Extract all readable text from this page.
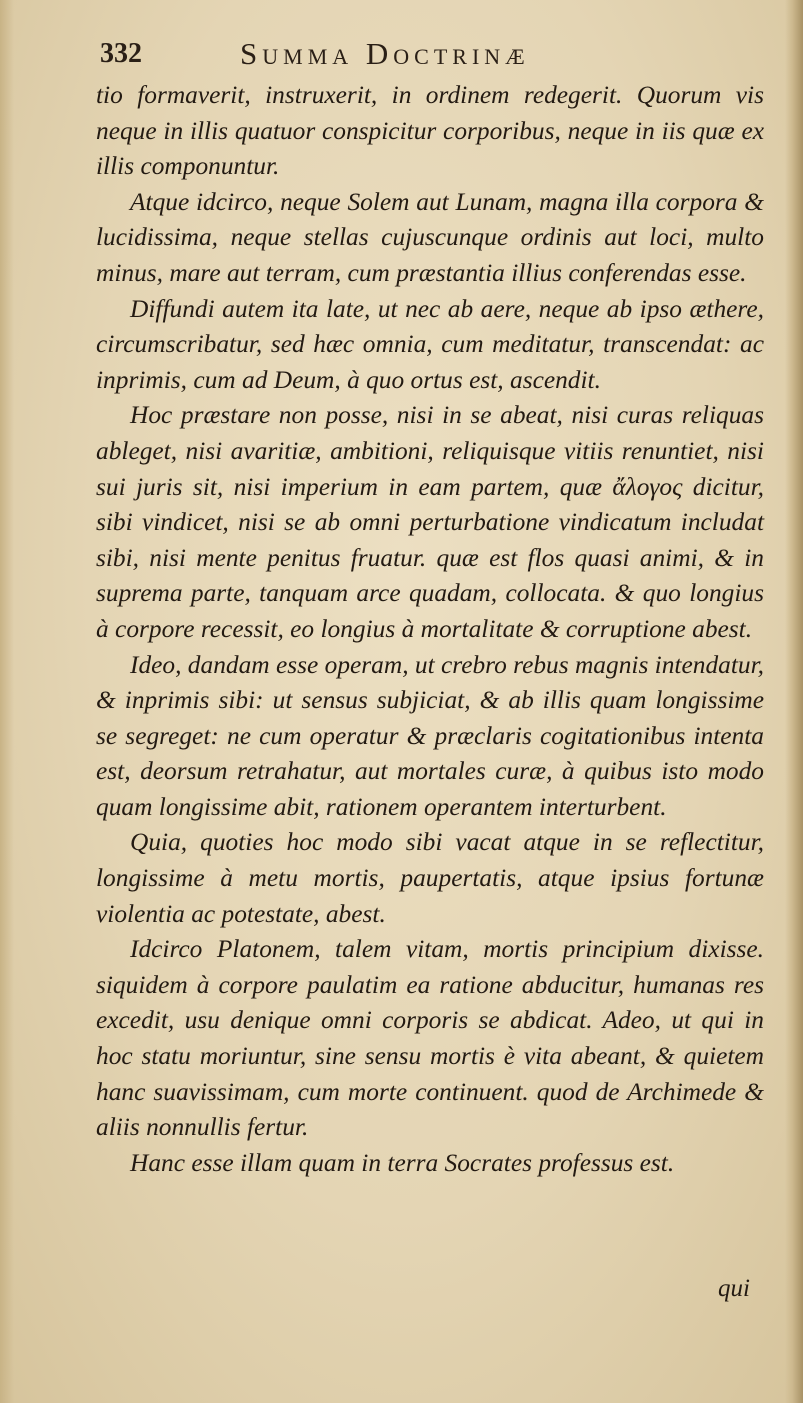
332	Summa Doctrinæ

tio formaverit, instruxerit, in ordinem redegerit. Quorum vis neque in illis quatuor conspicitur corporibus, neque in iis quæ ex illis componuntur.

Atque idcirco, neque Solem aut Lunam, magna illa corpora & lucidissima, neque stellas cujuscunque ordinis aut loci, multo minus, mare aut terram, cum præstantia illius conferendas esse.

Diffundi autem ita late, ut nec ab aere, neque ab ipso æthere, circumscribatur, sed hæc omnia, cum meditatur, transcendat: ac inprimis, cum ad Deum, à quo ortus est, ascendit.

Hoc præstare non posse, nisi in se abeat, nisi curas reliquas ableget, nisi avaritiæ, ambitioni, reliquisque vitiis renuntiet, nisi sui juris sit, nisi imperium in eam partem, quæ ἄλογος dicitur, sibi vindicet, nisi se ab omni perturbatione vindicatum includat sibi, nisi mente penitus fruatur. quæ est flos quasi animi, & in suprema parte, tanquam arce quadam, collocata. & quo longius à corpore recessit, eo longius à mortalitate & corruptione abest.

Ideo, dandam esse operam, ut crebro rebus magnis intendatur, & inprimis sibi: ut sensus subjiciat, & ab illis quam longissime se segreget: ne cum operatur & præclaris cogitationibus intenta est, deorsum retrahatur, aut mortales curæ, à quibus isto modo quam longissime abit, rationem operantem interturbent.

Quia, quoties hoc modo sibi vacat atque in se reflectitur, longissime à metu mortis, paupertatis, atque ipsius fortunæ violentia ac potestate, abest.

Idcirco Platonem, talem vitam, mortis principium dixisse. siquidem à corpore paulatim ea ratione abducitur, humanas res excedit, usu denique omni corporis se abdicat. Adeo, ut qui in hoc statu moriuntur, sine sensu mortis è vita abeant, & quietem hanc suavissimam, cum morte continuent. quod de Archimede & aliis nonnullis fertur.

Hanc esse illam quam in terra Socrates professus est.

qui
